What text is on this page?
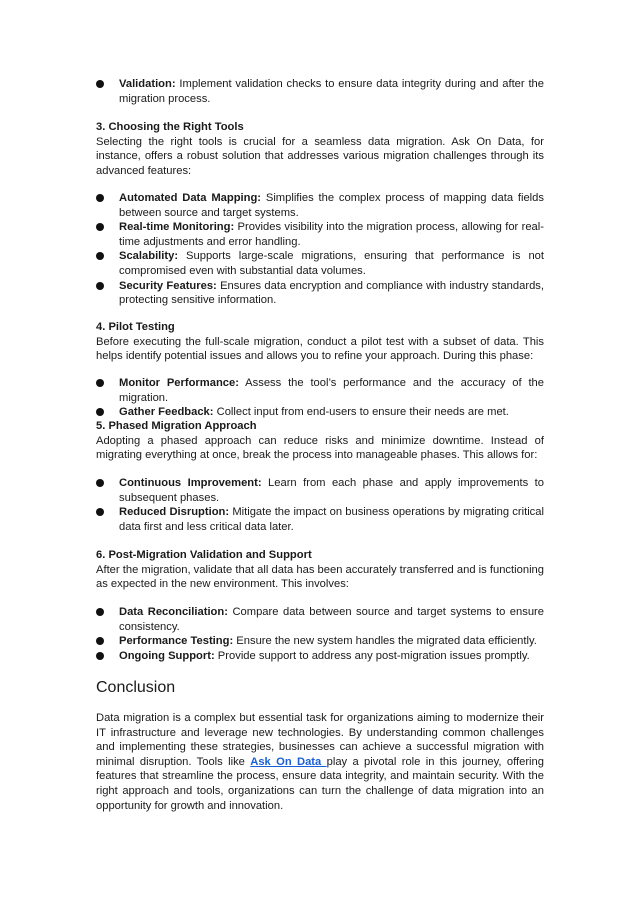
Validation: Implement validation checks to ensure data integrity during and after the migration process.

3. Choosing the Right Tools

Selecting the right tools is crucial for a seamless data migration. Ask On Data, for instance, offers a robust solution that addresses various migration challenges through its advanced features:

Automated Data Mapping: Simplifies the complex process of mapping data fields between source and target systems.
Real-time Monitoring: Provides visibility into the migration process, allowing for real-time adjustments and error handling.
Scalability: Supports large-scale migrations, ensuring that performance is not compromised even with substantial data volumes.
Security Features: Ensures data encryption and compliance with industry standards, protecting sensitive information.

4. Pilot Testing

Before executing the full-scale migration, conduct a pilot test with a subset of data. This helps identify potential issues and allows you to refine your approach. During this phase:

Monitor Performance: Assess the tool’s performance and the accuracy of the migration.
Gather Feedback: Collect input from end-users to ensure their needs are met.

5. Phased Migration Approach

Adopting a phased approach can reduce risks and minimize downtime. Instead of migrating everything at once, break the process into manageable phases. This allows for:

Continuous Improvement: Learn from each phase and apply improvements to subsequent phases.
Reduced Disruption: Mitigate the impact on business operations by migrating critical data first and less critical data later.

6. Post-Migration Validation and Support

After the migration, validate that all data has been accurately transferred and is functioning as expected in the new environment. This involves:

Data Reconciliation: Compare data between source and target systems to ensure consistency.
Performance Testing: Ensure the new system handles the migrated data efficiently.
Ongoing Support: Provide support to address any post-migration issues promptly.

Conclusion

Data migration is a complex but essential task for organizations aiming to modernize their IT infrastructure and leverage new technologies. By understanding common challenges and implementing these strategies, businesses can achieve a successful migration with minimal disruption. Tools like Ask On Data play a pivotal role in this journey, offering features that streamline the process, ensure data integrity, and maintain security. With the right approach and tools, organizations can turn the challenge of data migration into an opportunity for growth and innovation.
